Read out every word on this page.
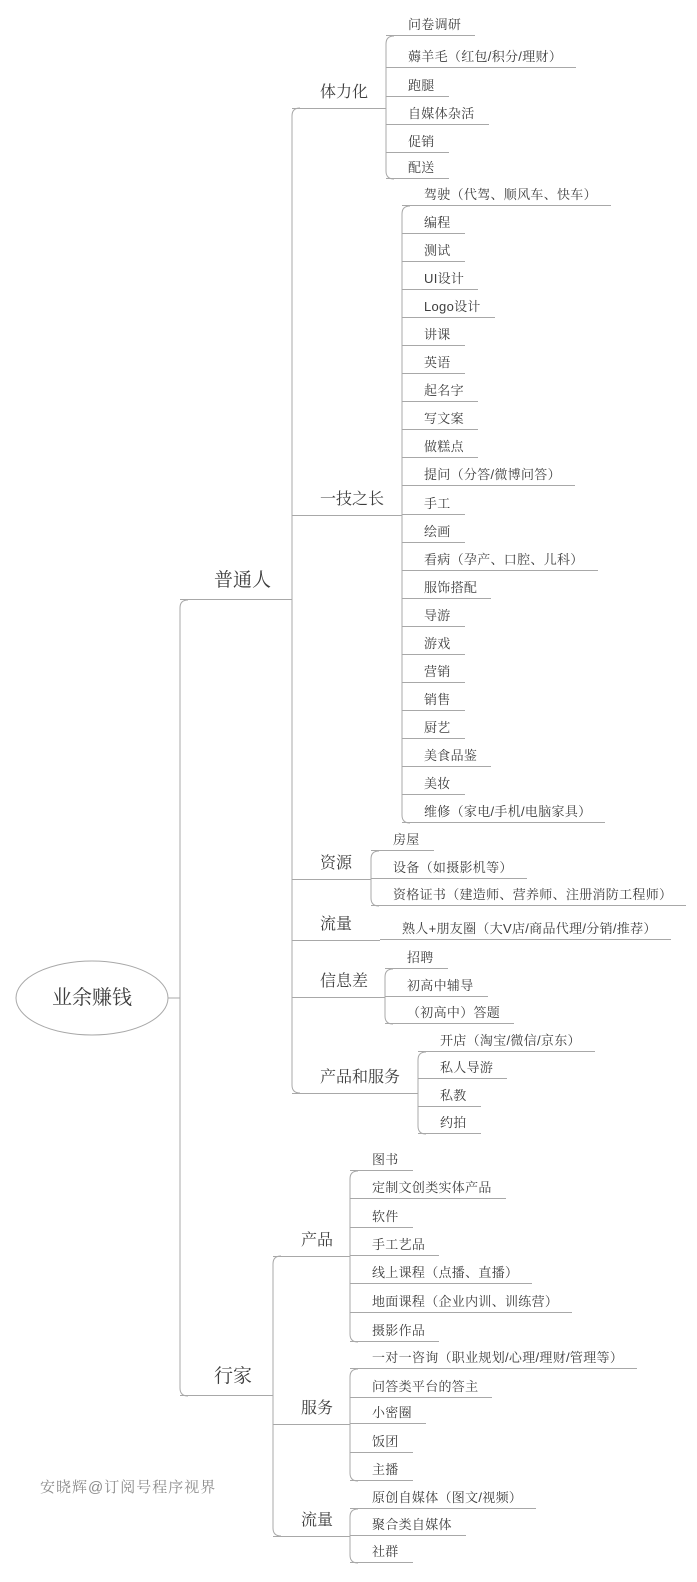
业余赚钱
普通人
体力化
问卷调研
薅羊毛（红包/积分/理财）
跑腿
自媒体杂活
促销
配送
一技之长
驾驶（代驾、顺风车、快车）
编程
测试
UI设计
Logo设计
讲课
英语
起名字
写文案
做糕点
提问（分答/微博问答）
手工
绘画
看病（孕产、口腔、儿科）
服饰搭配
导游
游戏
营销
销售
厨艺
美食品鉴
美妆
维修（家电/手机/电脑家具）
资源
房屋
设备（如摄影机等）
资格证书（建造师、营养师、注册消防工程师）
流量	熟人+朋友圈（大V店/商品代理/分销/推荐）
信息差
招聘
初高中辅导
（初高中）答题
产品和服务
开店（淘宝/微信/京东）
私人导游
私教
约拍
行家
产品
图书
定制文创类实体产品
软件
手工艺品
线上课程（点播、直播）
地面课程（企业内训、训练营）
摄影作品
服务
一对一咨询（职业规划/心理/理财/管理等）
问答类平台的答主
小密圈
饭团
主播
流量
原创自媒体（图文/视频）
聚合类自媒体
社群
安晓辉@订阅号程序视界
